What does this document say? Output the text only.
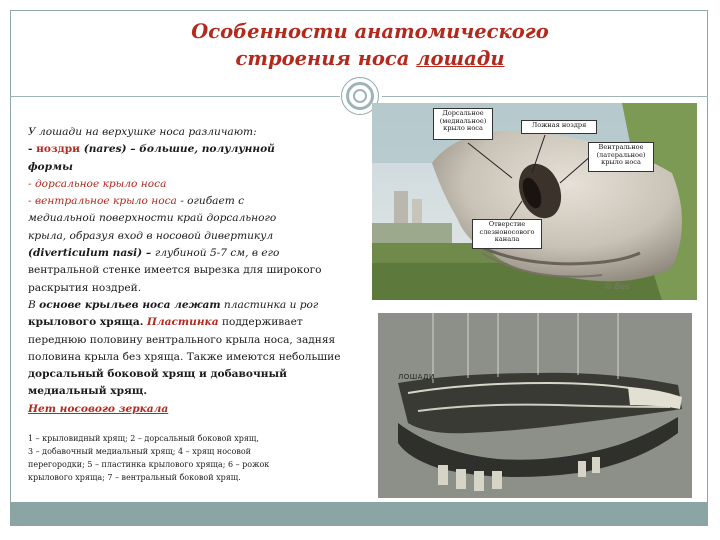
Особенности анатомического
строения носа лошади

У лошади на верхушке носа различают:

- ноздри (nares) – большие, полулунной

формы

- дорсальное крыло носа

- вентральное крыло носа - огибает с

медиальной поверхности край дорсального

крыла, образуя вход в носовой дивертикул

(diverticulum nasi) – глубиной 5-7 см, в его

вентральной стенке имеется вырезка для широкого

раскрытия ноздрей.

В основе крыльев носа лежат пластинка и рог

крылового хряща. Пластинка поддерживает

переднюю половину вентрального крыла носа, задняя

половина крыла без хряща. Также имеются небольшие

дорсальный боковой хрящ и добавочный

медиальный хрящ.

Нет носового зеркала

1 – крыловидный хрящ; 2 – дорсальный боковой хрящ,
3 – добавочный медиальный хрящ; 4 – хрящ носовой
перегородки; 5 – пластинка крылового хряща; 6 – рожок
крылового хряща; 7 – вентральный боковой хрящ.
© Bes
Дорсальное (медиальное) крыло носа	Ложная ноздря
Вентральное (латеральное) крыло носа
Отверстие слезноносового канала
ЛОШАДИ
